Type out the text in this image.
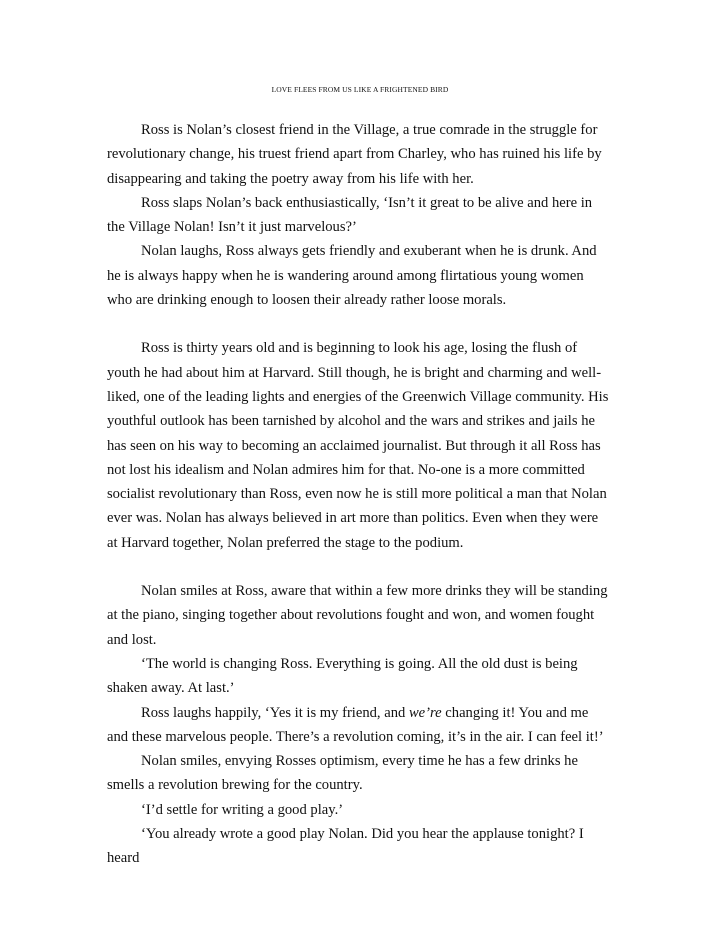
LOVE FLEES FROM US LIKE A FRIGHTENED BIRD

Ross is Nolan’s closest friend in the Village, a true comrade in the struggle for revolutionary change, his truest friend apart from Charley, who has ruined his life by disappearing and taking the poetry away from his life with her.

Ross slaps Nolan’s back enthusiastically, ‘Isn’t it great to be alive and here in the Village Nolan! Isn’t it just marvelous?’

Nolan laughs, Ross always gets friendly and exuberant when he is drunk. And he is always happy when he is wandering around among flirtatious young women who are drinking enough to loosen their already rather loose morals.

Ross is thirty years old and is beginning to look his age, losing the flush of youth he had about him at Harvard. Still though, he is bright and charming and well-liked, one of the leading lights and energies of the Greenwich Village community. His youthful outlook has been tarnished by alcohol and the wars and strikes and jails he has seen on his way to becoming an acclaimed journalist. But through it all Ross has not lost his idealism and Nolan admires him for that. No-one is a more committed socialist revolutionary than Ross, even now he is still more political a man that Nolan ever was. Nolan has always believed in art more than politics. Even when they were at Harvard together, Nolan preferred the stage to the podium.

Nolan smiles at Ross, aware that within a few more drinks they will be standing at the piano, singing together about revolutions fought and won, and women fought and lost.

‘The world is changing Ross. Everything is going. All the old dust is being shaken away. At last.’

Ross laughs happily, ‘Yes it is my friend, and we’re changing it! You and me and these marvelous people. There’s a revolution coming, it’s in the air. I can feel it!’

Nolan smiles, envying Rosses optimism, every time he has a few drinks he smells a revolution brewing for the country.

‘I’d settle for writing a good play.’

‘You already wrote a good play Nolan. Did you hear the applause tonight? I heard
